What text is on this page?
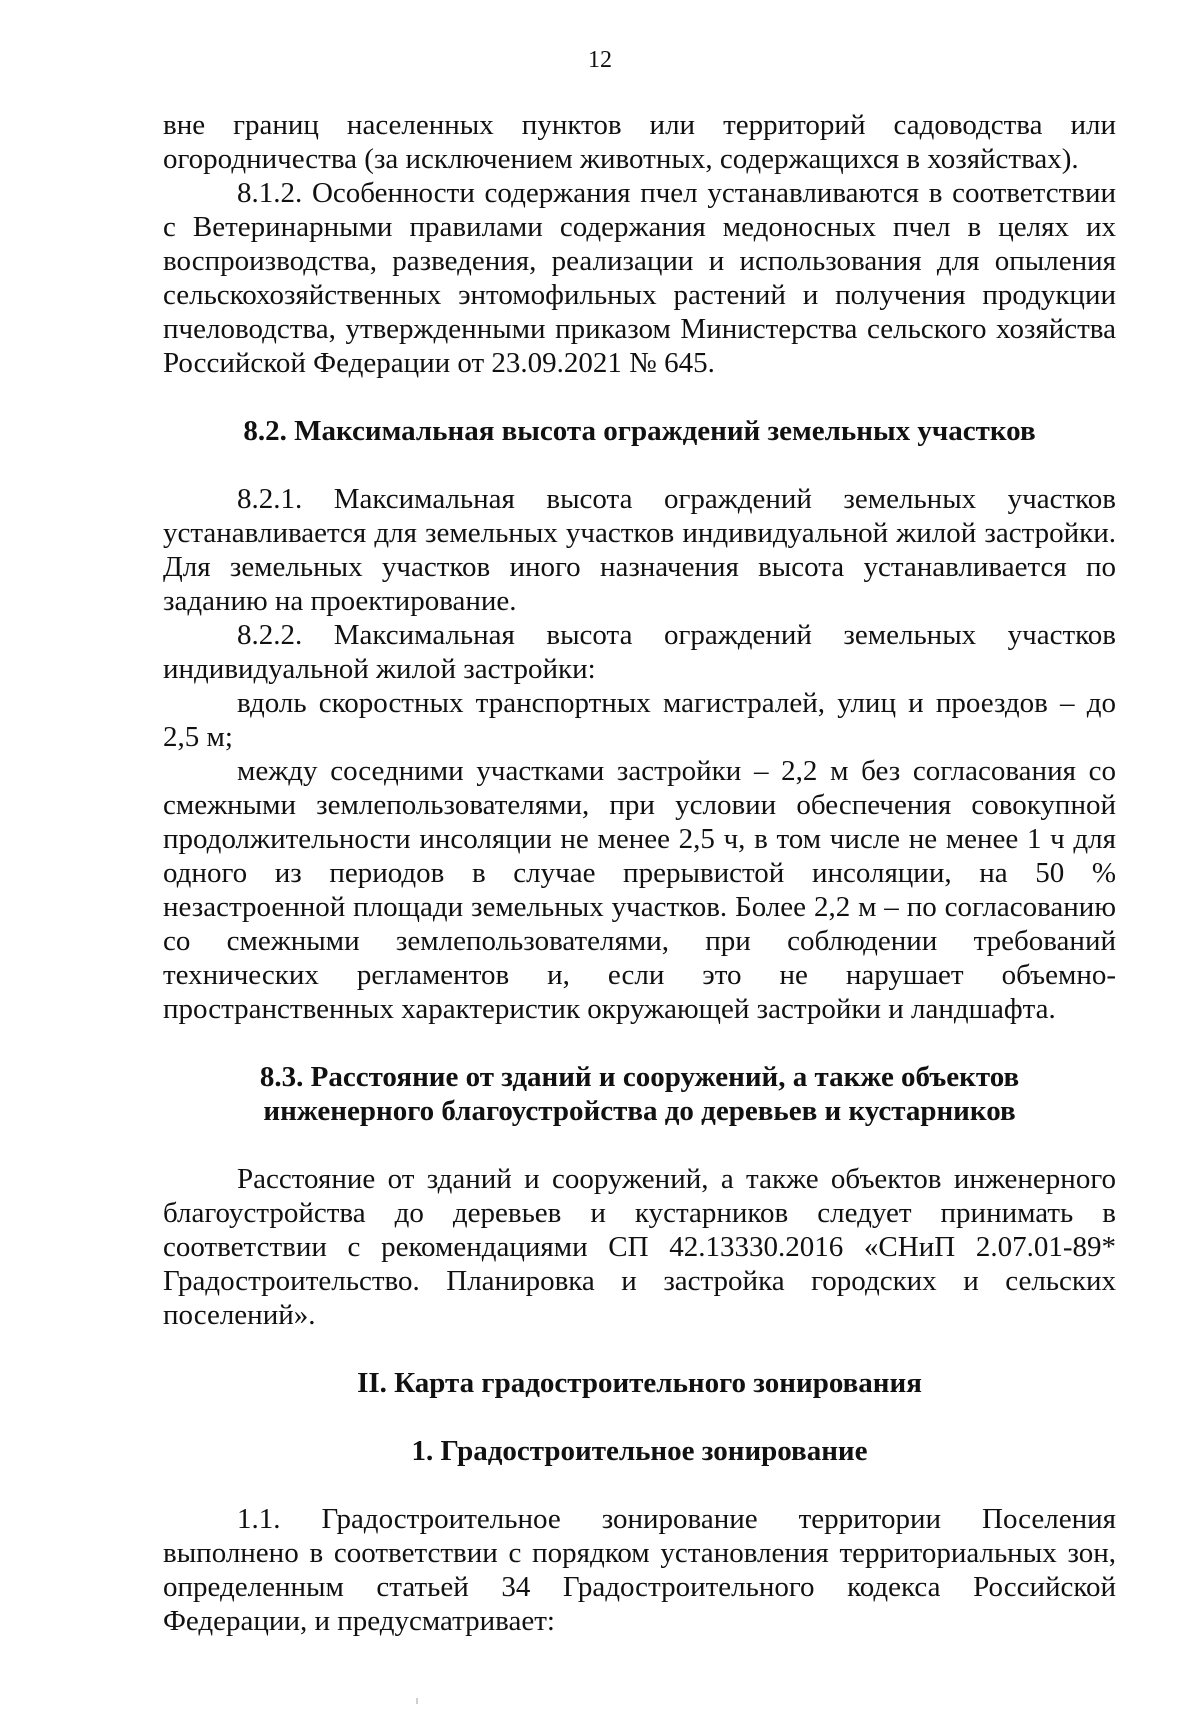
12

вне границ населенных пунктов или территорий садоводства или огородничества (за исключением животных, содержащихся в хозяйствах).

8.1.2. Особенности содержания пчел устанавливаются в соответствии с Ветеринарными правилами содержания медоносных пчел в целях их воспроизводства, разведения, реализации и использования для опыления сельскохозяйственных энтомофильных растений и получения продукции пчеловодства, утвержденными приказом Министерства сельского хозяйства Российской Федерации от 23.09.2021 № 645.

8.2. Максимальная высота ограждений земельных участков

8.2.1. Максимальная высота ограждений земельных участков устанавливается для земельных участков индивидуальной жилой застройки. Для земельных участков иного назначения высота устанавливается по заданию на проектирование.

8.2.2. Максимальная высота ограждений земельных участков индивидуальной жилой застройки:

вдоль скоростных транспортных магистралей, улиц и проездов – до 2,5 м;

между соседними участками застройки – 2,2 м без согласования со смежными землепользователями, при условии обеспечения совокупной продолжительности инсоляции не менее 2,5 ч, в том числе не менее 1 ч для одного из периодов в случае прерывистой инсоляции, на 50 % незастроенной площади земельных участков. Более 2,2 м – по согласованию со смежными землепользователями, при соблюдении требований технических регламентов и, если это не нарушает объемно-пространственных характеристик окружающей застройки и ландшафта.

8.3. Расстояние от зданий и сооружений, а также объектов
инженерного благоустройства до деревьев и кустарников

Расстояние от зданий и сооружений, а также объектов инженерного благоустройства до деревьев и кустарников следует принимать в соответствии с рекомендациями СП 42.13330.2016 «СНиП 2.07.01-89* Градостроительство. Планировка и застройка городских и сельских поселений».

II. Карта градостроительного зонирования
1. Градостроительное зонирование

1.1. Градостроительное зонирование территории Поселения выполнено в соответствии с порядком установления территориальных зон, определенным статьей 34 Градостроительного кодекса Российской Федерации, и предусматривает:
